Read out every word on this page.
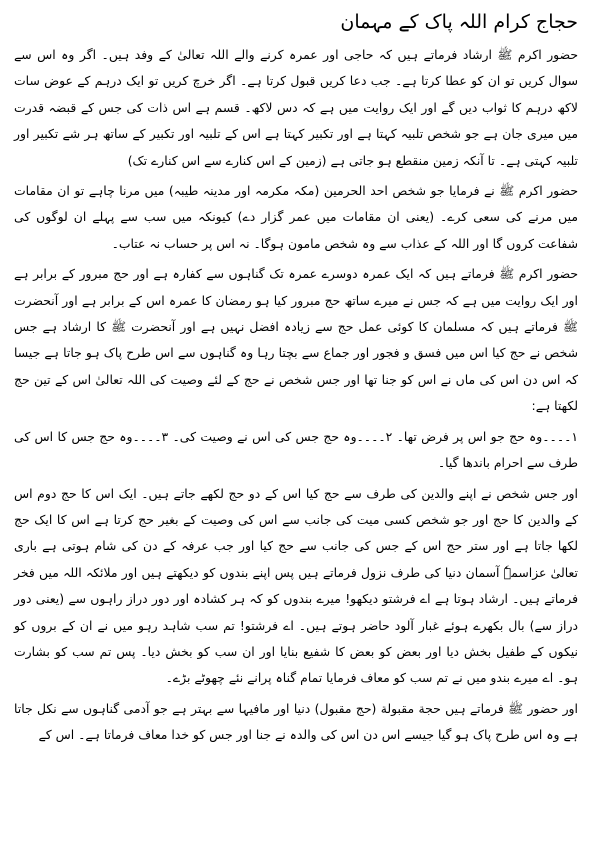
حجاج کرام اللہ پاک کے مہمان

حضور اکرم ﷺ ارشاد فرماتے ہیں کہ حاجی اور عمرہ کرنے والے اللہ تعالیٰ کے وفد ہیں۔ اگر وہ اس سے سوال کریں تو ان کو عطا کرتا ہے۔ جب دعا کریں قبول کرتا ہے۔ اگر خرچ کریں تو ایک درہم کے عوض سات لاکھ درہم کا ثواب دیں گے اور ایک روایت میں ہے کہ دس لاکھ۔ قسم ہے اس ذات کی جس کے قبضہ قدرت میں میری جان ہے جو شخص تلبیہ کہتا ہے اور تکبیر کہتا ہے اس کے تلبیہ اور تکبیر کے ساتھ ہر شے تکبیر اور تلبیہ کہتی ہے۔ تا آنکہ زمین منقطع ہو جاتی ہے (زمین کے اس کنارے سے اس کنارے تک)

حضور اکرم ﷺ نے فرمایا جو شخص احد الحرمین (مکہ مکرمہ اور مدینہ طیبہ) میں مرنا چاہے تو ان مقامات میں مرنے کی سعی کرے۔ (یعنی ان مقامات میں عمر گزار دے) کیونکہ میں سب سے پہلے ان لوگوں کی شفاعت کروں گا اور اللہ کے عذاب سے وہ شخص مامون ہوگا۔ نہ اس پر حساب نہ عتاب۔

حضور اکرم ﷺ فرماتے ہیں کہ ایک عمرہ دوسرے عمرہ تک گناہوں سے کفارہ ہے اور حج مبرور کے برابر ہے اور ایک روایت میں ہے کہ جس نے میرے ساتھ حج مبرور کیا ہو رمضان کا عمرہ اس کے برابر ہے اور آنحضرت ﷺ فرماتے ہیں کہ مسلمان کا کوئی عمل حج سے زیادہ افضل نہیں ہے اور آنحضرت ﷺ کا ارشاد ہے جس شخص نے حج کیا اس میں فسق و فجور اور جماع سے بچتا رہا وہ گناہوں سے اس طرح پاک ہو جاتا ہے جیسا کہ اس دن اس کی ماں نے اس کو جنا تھا اور جس شخص نے حج کے لئے وصیت کی اللہ تعالیٰ اس کے تین حج لکھتا ہے:

۱۔۔۔۔وہ حج جو اس پر فرض تھا۔ ۲۔۔۔۔وہ حج جس کی اس نے وصیت کی۔ ۳۔۔۔۔وہ حج جس کا اس کی طرف سے احرام باندھا گیا۔

اور جس شخص نے اپنے والدین کی طرف سے حج کیا اس کے دو حج لکھے جاتے ہیں۔ ایک اس کا حج دوم اس کے والدین کا حج اور جو شخص کسی میت کی جانب سے اس کی وصیت کے بغیر حج کرتا ہے اس کا ایک حج لکھا جاتا ہے اور ستر حج اس کے جس کی جانب سے حج کیا اور جب عرفہ کے دن کی شام ہوتی ہے باری تعالیٰ عزاسمہٗ آسمان دنیا کی طرف نزول فرماتے ہیں پس اپنے بندوں کو دیکھتے ہیں اور ملائکہ اللہ میں فخر فرماتے ہیں۔ ارشاد ہوتا ہے اے فرشتو دیکھو! میرے بندوں کو کہ ہر کشادہ اور دور دراز راہوں سے (یعنی دور دراز سے) بال بکھرے ہوئے غبار آلود حاضر ہوتے ہیں۔ اے فرشتو! تم سب شاہد رہو میں نے ان کے بروں کو نیکوں کے طفیل بخش دیا اور بعض کو بعض کا شفیع بنایا اور ان سب کو بخش دیا۔ پس تم سب کو بشارت ہو۔ اے میرے بندو میں نے تم سب کو معاف فرمایا تمام گناہ پرانے نئے چھوٹے بڑے۔

اور حضور ﷺ فرماتے ہیں حجة مقبولة (حج مقبول) دنیا اور مافیہا سے بہتر ہے جو آدمی گناہوں سے نکل جاتا ہے وہ اس طرح پاک ہو گیا جیسے اس دن اس کی والدہ نے جنا اور جس کو خدا معاف فرماتا ہے۔ اس کے
